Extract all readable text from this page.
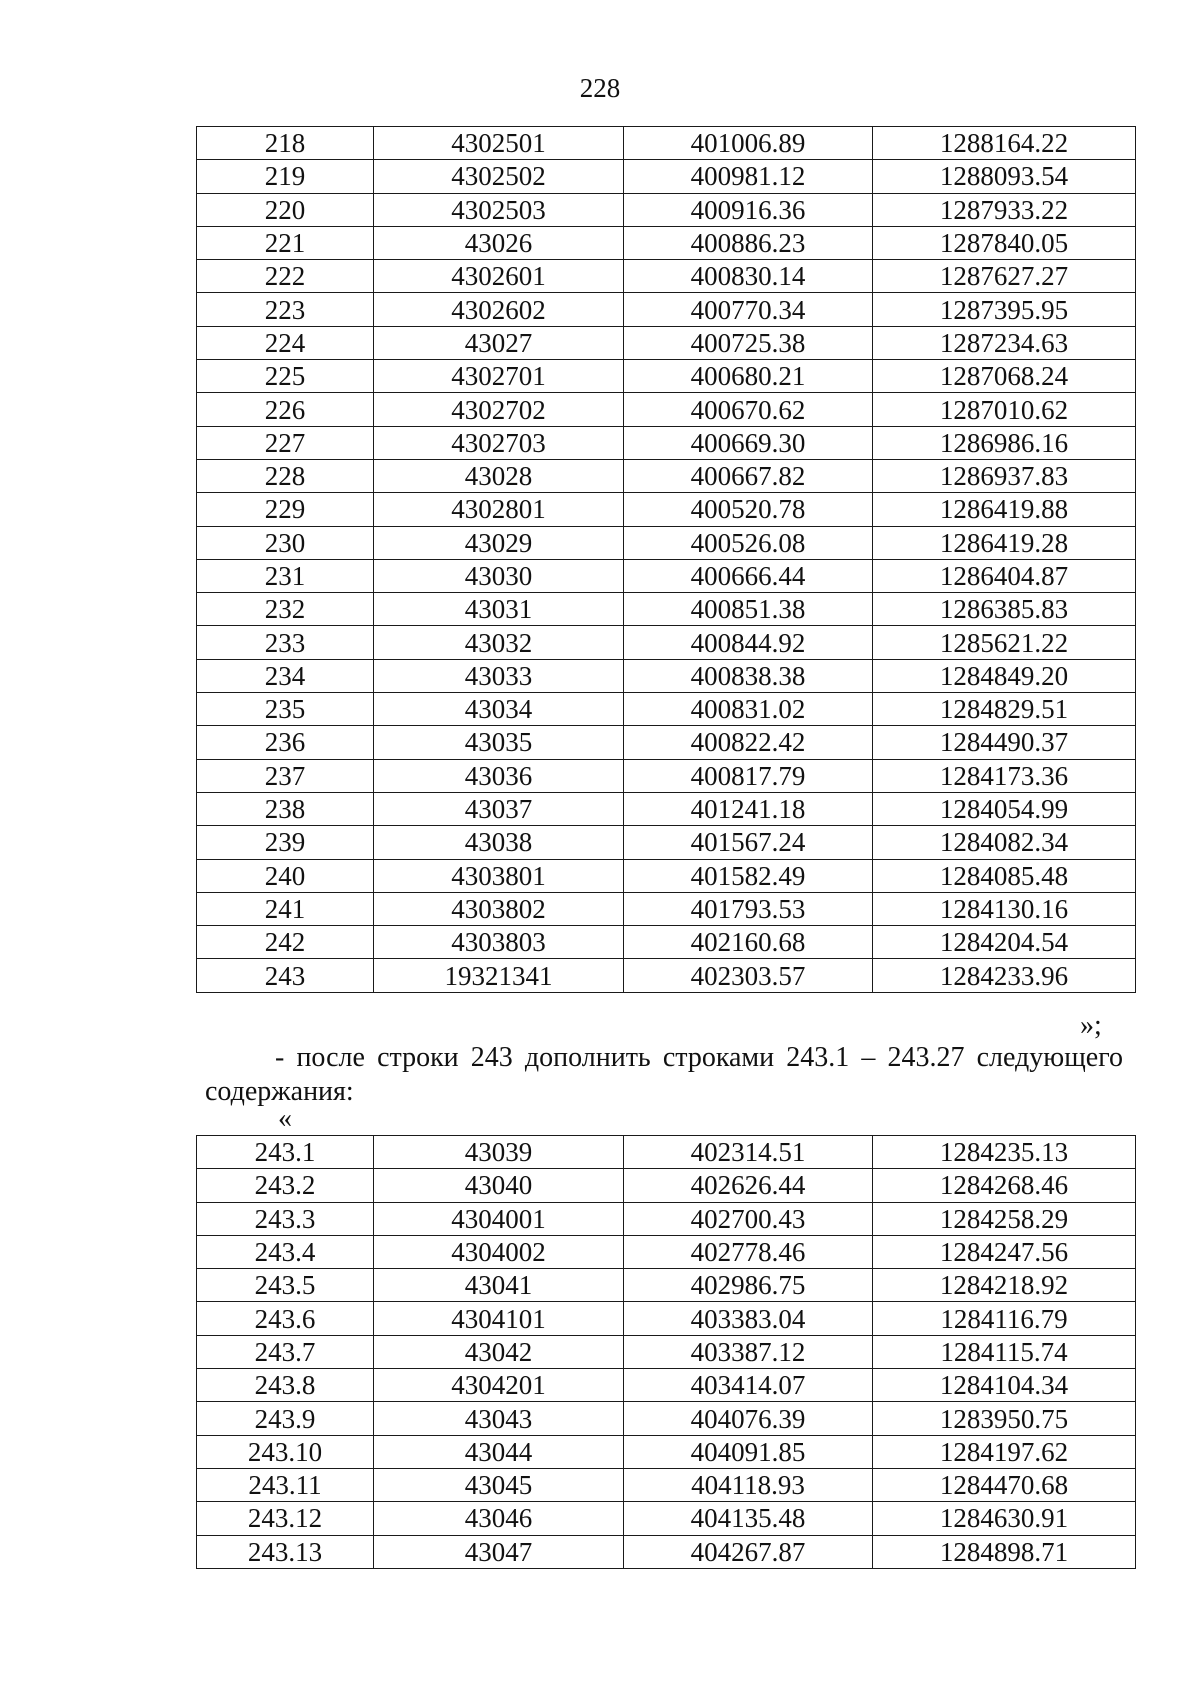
228
218	4302501	401006.89	1288164.22
219	4302502	400981.12	1288093.54
220	4302503	400916.36	1287933.22
221	43026	400886.23	1287840.05
222	4302601	400830.14	1287627.27
223	4302602	400770.34	1287395.95
224	43027	400725.38	1287234.63
225	4302701	400680.21	1287068.24
226	4302702	400670.62	1287010.62
227	4302703	400669.30	1286986.16
228	43028	400667.82	1286937.83
229	4302801	400520.78	1286419.88
230	43029	400526.08	1286419.28
231	43030	400666.44	1286404.87
232	43031	400851.38	1286385.83
233	43032	400844.92	1285621.22
234	43033	400838.38	1284849.20
235	43034	400831.02	1284829.51
236	43035	400822.42	1284490.37
237	43036	400817.79	1284173.36
238	43037	401241.18	1284054.99
239	43038	401567.24	1284082.34
240	4303801	401582.49	1284085.48
241	4303802	401793.53	1284130.16
242	4303803	402160.68	1284204.54
243	19321341	402303.57	1284233.96
»;

- после строки 243 дополнить строками 243.1 – 243.27 следующего содержания:

«
243.1	43039	402314.51	1284235.13
243.2	43040	402626.44	1284268.46
243.3	4304001	402700.43	1284258.29
243.4	4304002	402778.46	1284247.56
243.5	43041	402986.75	1284218.92
243.6	4304101	403383.04	1284116.79
243.7	43042	403387.12	1284115.74
243.8	4304201	403414.07	1284104.34
243.9	43043	404076.39	1283950.75
243.10	43044	404091.85	1284197.62
243.11	43045	404118.93	1284470.68
243.12	43046	404135.48	1284630.91
243.13	43047	404267.87	1284898.71
